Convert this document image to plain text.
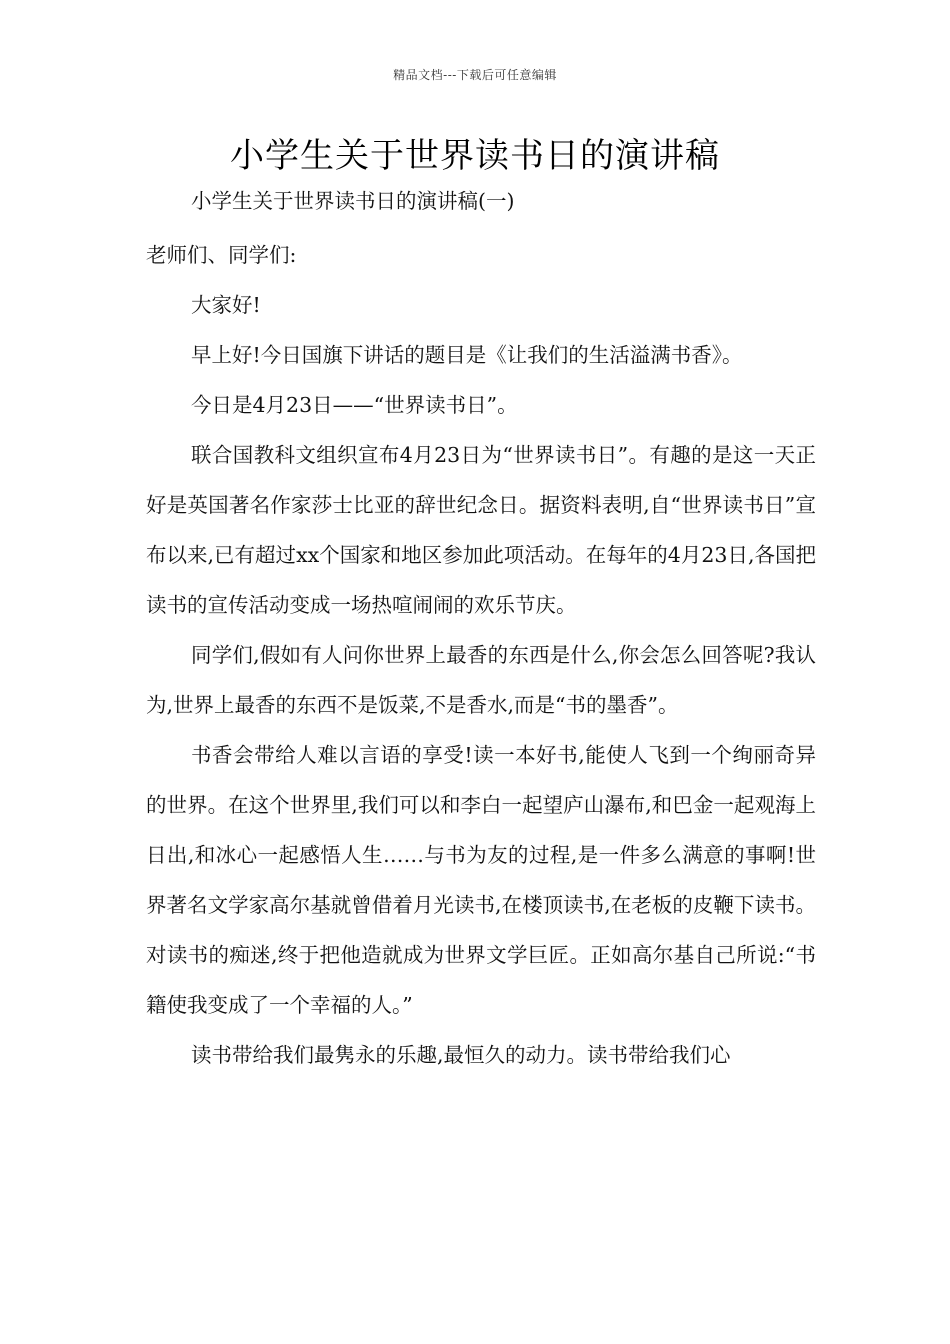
精品文档---下载后可任意编辑
小学生关于世界读书日的演讲稿

小学生关于世界读书日的演讲稿(一)

老师们、同学们:

大家好!

早上好!今日国旗下讲话的题目是《让我们的生活溢满书香》。

今日是4月23日——“世界读书日”。

联合国教科文组织宣布4月23日为“世界读书日”。有趣的是这一天正好是英国著名作家莎士比亚的辞世纪念日。据资料表明,自“世界读书日”宣布以来,已有超过xx个国家和地区参加此项活动。在每年的4月23日,各国把读书的宣传活动变成一场热喧闹闹的欢乐节庆。

同学们,假如有人问你世界上最香的东西是什么,你会怎么回答呢?我认为,世界上最香的东西不是饭菜,不是香水,而是“书的墨香”。

书香会带给人难以言语的享受!读一本好书,能使人飞到一个绚丽奇异的世界。在这个世界里,我们可以和李白一起望庐山瀑布,和巴金一起观海上日出,和冰心一起感悟人生……与书为友的过程,是一件多么满意的事啊!世界著名文学家高尔基就曾借着月光读书,在楼顶读书,在老板的皮鞭下读书。对读书的痴迷,终于把他造就成为世界文学巨匠。正如高尔基自己所说:“书籍使我变成了一个幸福的人。”

读书带给我们最隽永的乐趣,最恒久的动力。读书带给我们心
